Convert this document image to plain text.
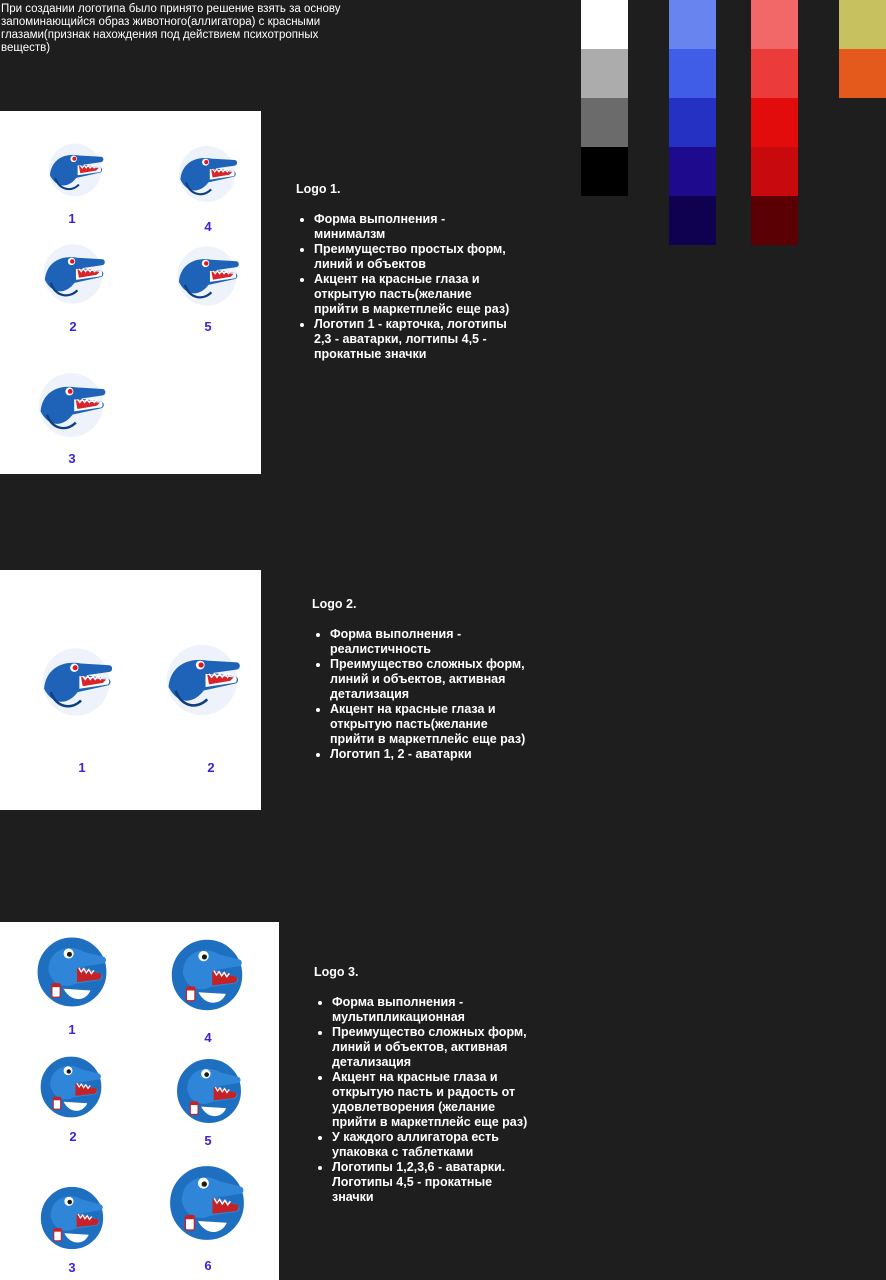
При создании логотипа было принято решение взять за основу запоминающийся образ животного(аллигатора) с красными глазами(признак нахождения под действием психотропных веществ)
1
4
2	5
3
Logo 1.
• Форма выполнения - минималзм
• Преимущество простых форм, линий и объектов
• Акцент на красные глаза и открытую пасть(желание прийти в маркетплейс еще раз)
• Логотип 1 - карточка, логотипы 2,3 - аватарки, логтипы 4,5 - прокатные значки
1	2
Logo 2.
• Форма выполнения - реалистичность
• Преимущество сложных форм, линий и объектов, активная детализация
• Акцент на красные глаза и открытую пасть(желание прийти в маркетплейс еще раз)
• Логотип 1, 2 - аватарки
1
4
2	5
3	6
Logo 3.
• Форма выполнения - мультипликационная
• Преимущество сложных форм, линий и объектов, активная детализация
• Акцент на красные глаза и открытую пасть и радость от удовлетворения (желание прийти в маркетплейс еще раз)
• У каждого аллигатора есть упаковка с таблетками
• Логотипы 1,2,3,6 - аватарки. Логотипы 4,5 - прокатные значки
